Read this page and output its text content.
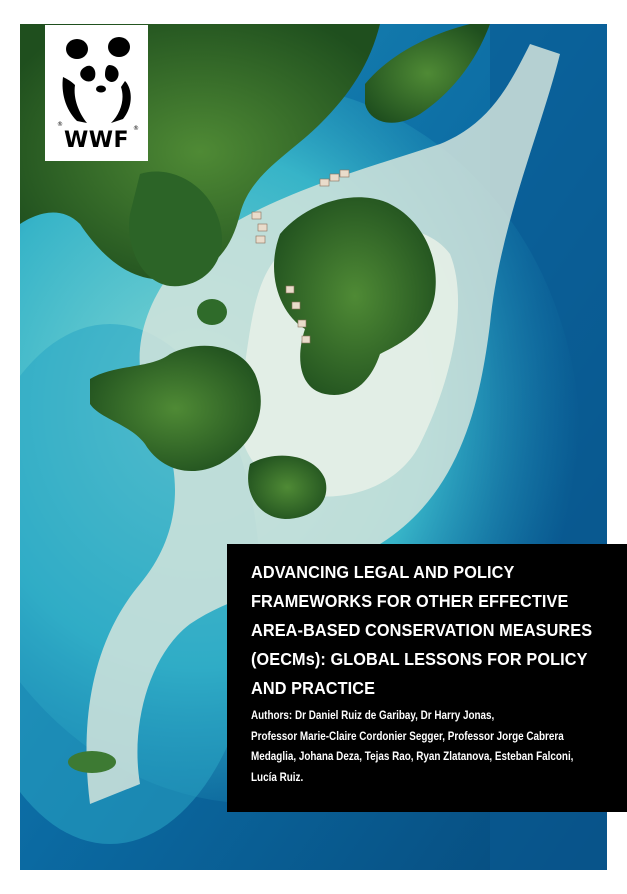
®
®
WWF
ADVANCING LEGAL AND POLICY
FRAMEWORKS FOR OTHER EFFECTIVE
AREA-BASED CONSERVATION MEASURES
(OECMs): GLOBAL LESSONS FOR POLICY
AND PRACTICE
Authors: Dr Daniel Ruiz de Garibay, Dr Harry Jonas,
Professor Marie-Claire Cordonier Segger, Professor Jorge Cabrera
Medaglia, Johana Deza, Tejas Rao, Ryan Zlatanova, Esteban Falconi,
Lucía Ruiz.
